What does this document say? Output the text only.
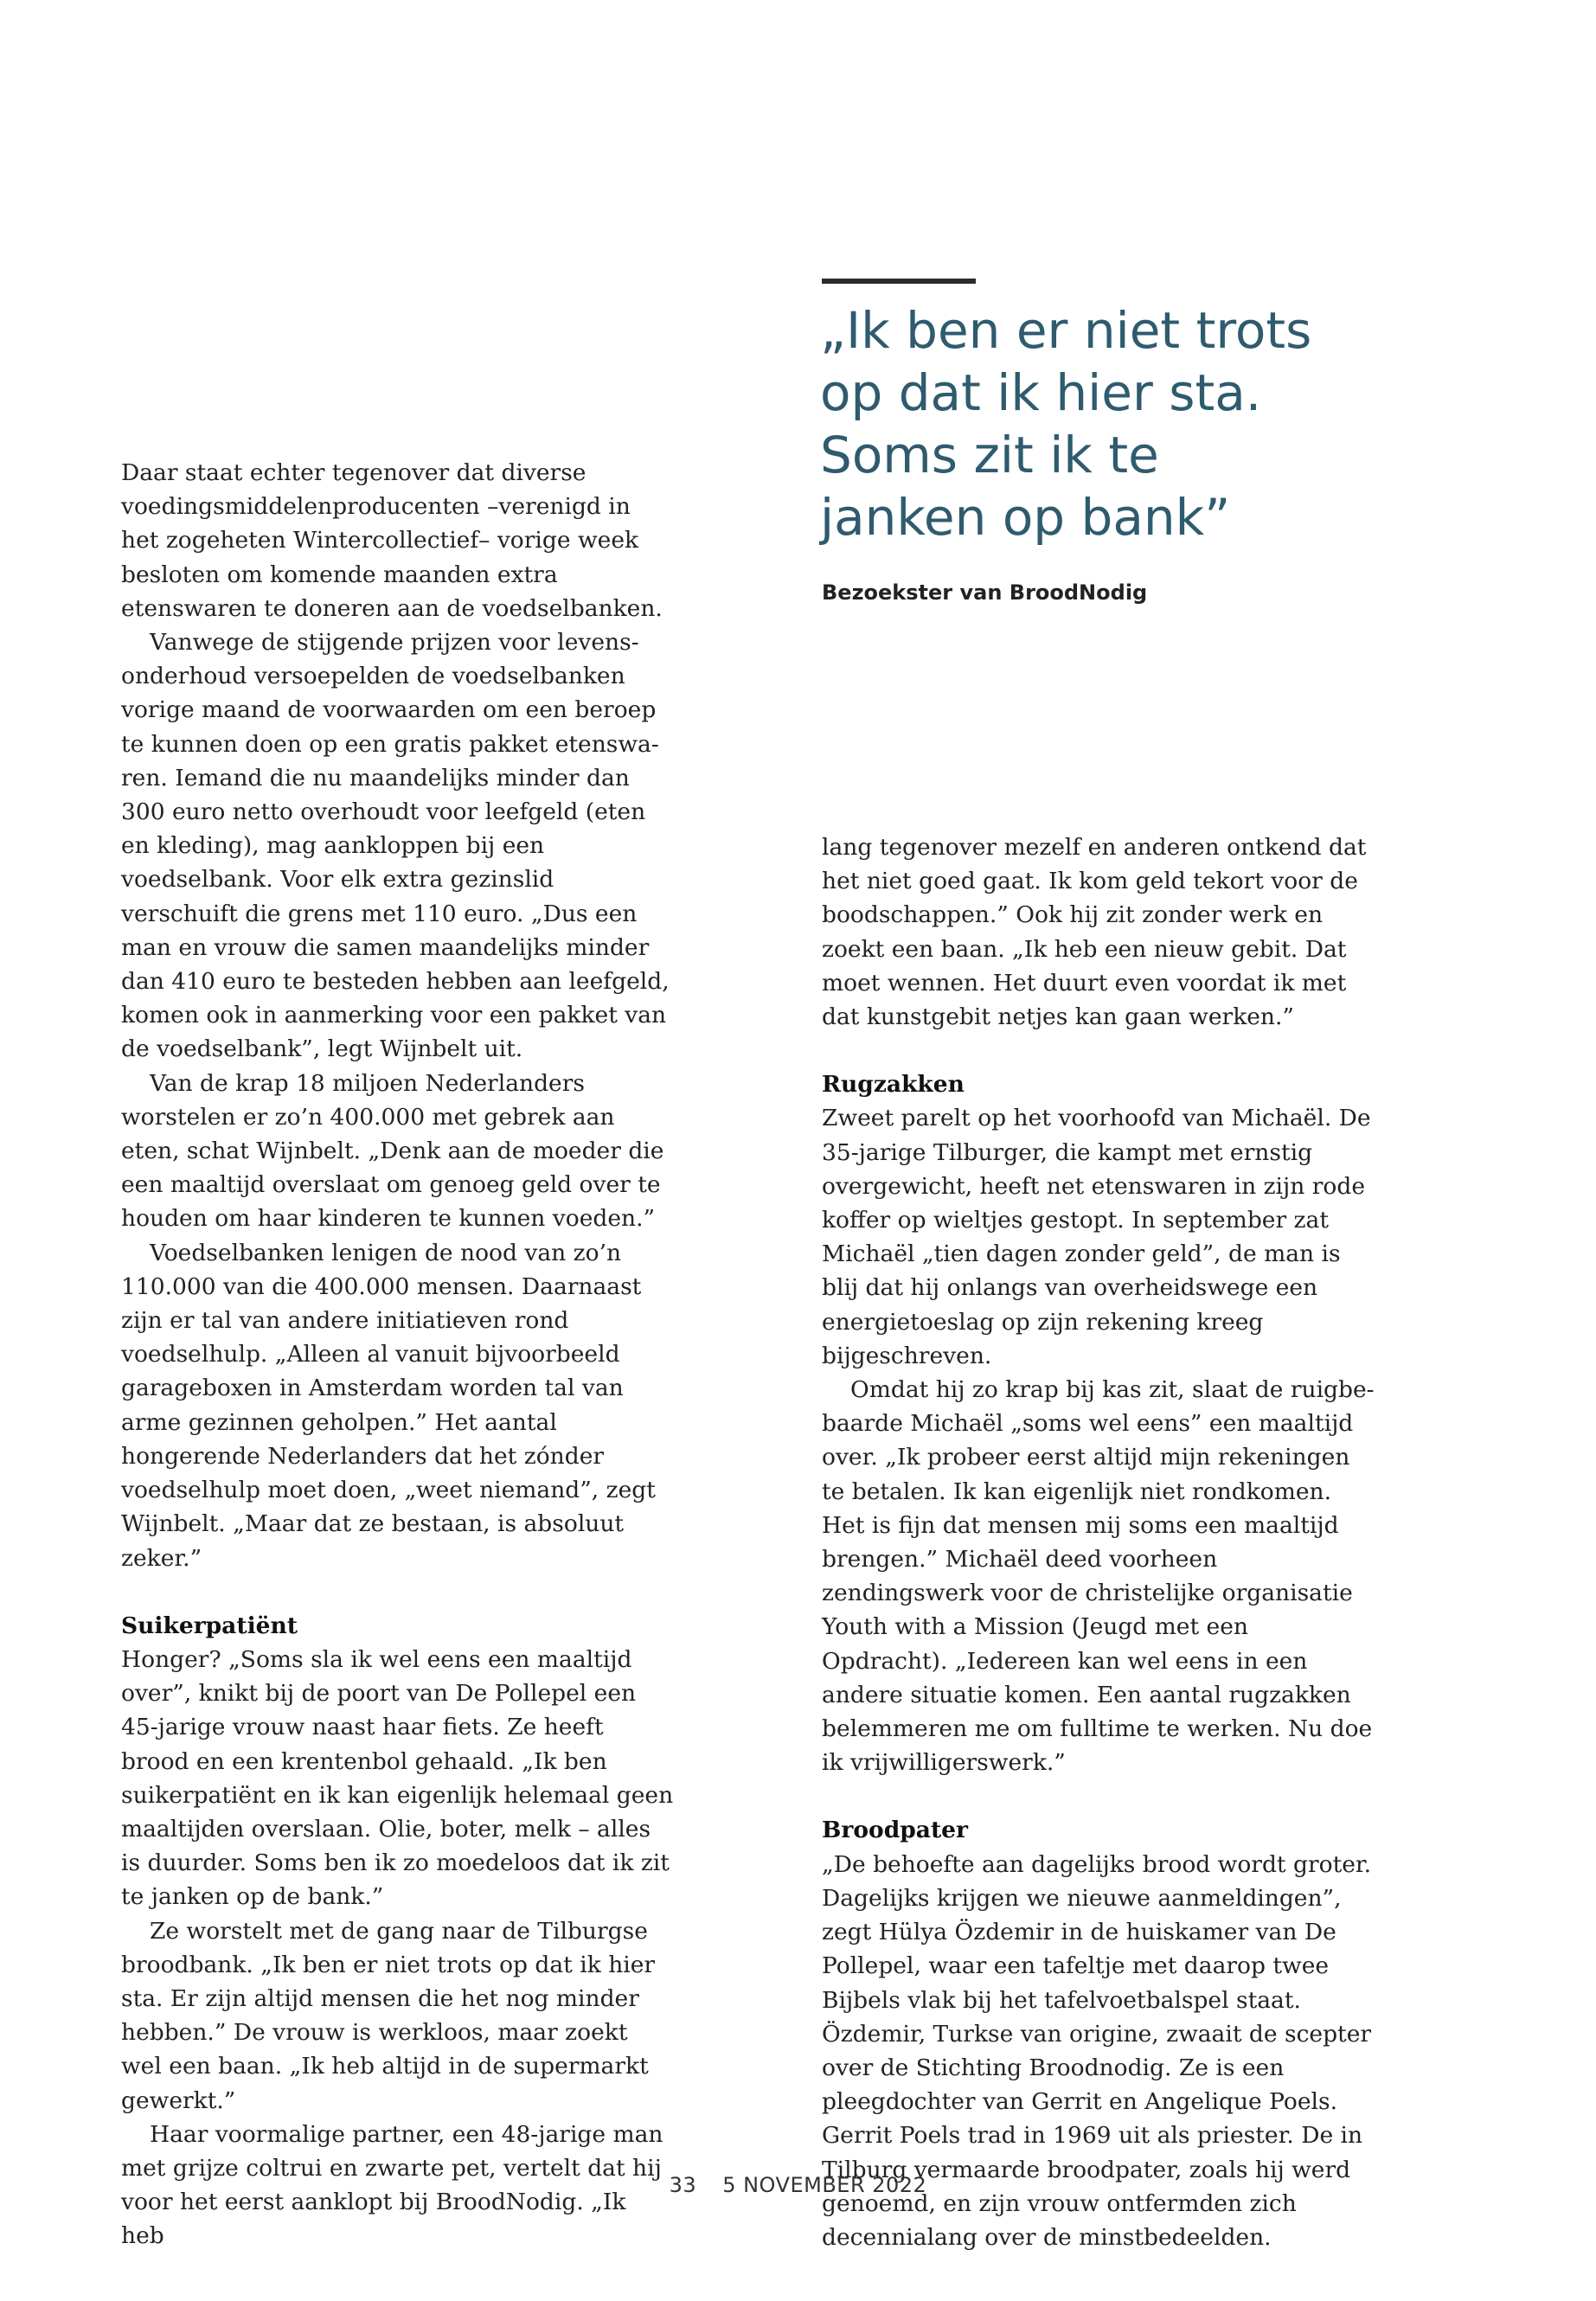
„Ik ben er niet trots op dat ik hier sta. Soms zit ik te janken op bank”

Bezoekster van BroodNodig

Daar staat echter tegenover dat diverse voedingsmiddelenproducenten –verenigd in het zogeheten Wintercollectief– vorige week besloten om komende maanden extra etenswaren te doneren aan de voedselbanken.

Vanwege de stijgende prijzen voor levensonderhoud versoepelden de voedselbanken vorige maand de voorwaarden om een beroep te kunnen doen op een gratis pakket etenswaren. Iemand die nu maandelijks minder dan 300 euro netto overhoudt voor leefgeld (eten en kleding), mag aankloppen bij een voedselbank. Voor elk extra gezinslid verschuift die grens met 110 euro. „Dus een man en vrouw die samen maandelijks minder dan 410 euro te besteden hebben aan leefgeld, komen ook in aanmerking voor een pakket van de voedselbank”, legt Wijnbelt uit.

Van de krap 18 miljoen Nederlanders worstelen er zo’n 400.000 met gebrek aan eten, schat Wijnbelt. „Denk aan de moeder die een maaltijd overslaat om genoeg geld over te houden om haar kinderen te kunnen voeden.”

Voedselbanken lenigen de nood van zo’n 110.000 van die 400.000 mensen. Daarnaast zijn er tal van andere initiatieven rond voedselhulp. „Alleen al vanuit bijvoorbeeld garageboxen in Amsterdam worden tal van arme gezinnen geholpen.” Het aantal hongerende Nederlanders dat het zónder voedselhulp moet doen, „weet niemand”, zegt Wijnbelt. „Maar dat ze bestaan, is absoluut zeker.”

Suikerpatiënt

Honger? „Soms sla ik wel eens een maaltijd over”, knikt bij de poort van De Pollepel een 45-jarige vrouw naast haar fiets. Ze heeft brood en een krentenbol gehaald. „Ik ben suikerpatiënt en ik kan eigenlijk helemaal geen maaltijden overslaan. Olie, boter, melk – alles is duurder. Soms ben ik zo moedeloos dat ik zit te janken op de bank.”

Ze worstelt met de gang naar de Tilburgse broodbank. „Ik ben er niet trots op dat ik hier sta. Er zijn altijd mensen die het nog minder hebben.” De vrouw is werkloos, maar zoekt wel een baan. „Ik heb altijd in de supermarkt gewerkt.”

Haar voormalige partner, een 48-jarige man met grijze coltrui en zwarte pet, vertelt dat hij voor het eerst aanklopt bij BroodNodig. „Ik heb

lang tegenover mezelf en anderen ontkend dat het niet goed gaat. Ik kom geld tekort voor de boodschappen.” Ook hij zit zonder werk en zoekt een baan. „Ik heb een nieuw gebit. Dat moet wennen. Het duurt even voordat ik met dat kunstgebit netjes kan gaan werken.”

Rugzakken

Zweet parelt op het voorhoofd van Michaël. De 35-jarige Tilburger, die kampt met ernstig overgewicht, heeft net etenswaren in zijn rode koffer op wieltjes gestopt. In september zat Michaël „tien dagen zonder geld”, de man is blij dat hij onlangs van overheidswege een energietoeslag op zijn rekening kreeg bijgeschreven.

Omdat hij zo krap bij kas zit, slaat de ruigbebaarde Michaël „soms wel eens” een maaltijd over. „Ik probeer eerst altijd mijn rekeningen te betalen. Ik kan eigenlijk niet rondkomen. Het is fijn dat mensen mij soms een maaltijd brengen.” Michaël deed voorheen zendingswerk voor de christelijke organisatie Youth with a Mission (Jeugd met een Opdracht). „Iedereen kan wel eens in een andere situatie komen. Een aantal rugzakken belemmeren me om fulltime te werken. Nu doe ik vrijwilligerswerk.”

Broodpater

„De behoefte aan dagelijks brood wordt groter. Dagelijks krijgen we nieuwe aanmeldingen”, zegt Hülya Özdemir in de huiskamer van De Pollepel, waar een tafeltje met daarop twee Bijbels vlak bij het tafelvoetbalspel staat. Özdemir, Turkse van origine, zwaait de scepter over de Stichting Broodnodig. Ze is een pleegdochter van Gerrit en Angelique Poels. Gerrit Poels trad in 1969 uit als priester. De in Tilburg vermaarde broodpater, zoals hij werd genoemd, en zijn vrouw ontfermden zich decennialang over de minstbedeelden.

33 5 NOVEMBER 2022
